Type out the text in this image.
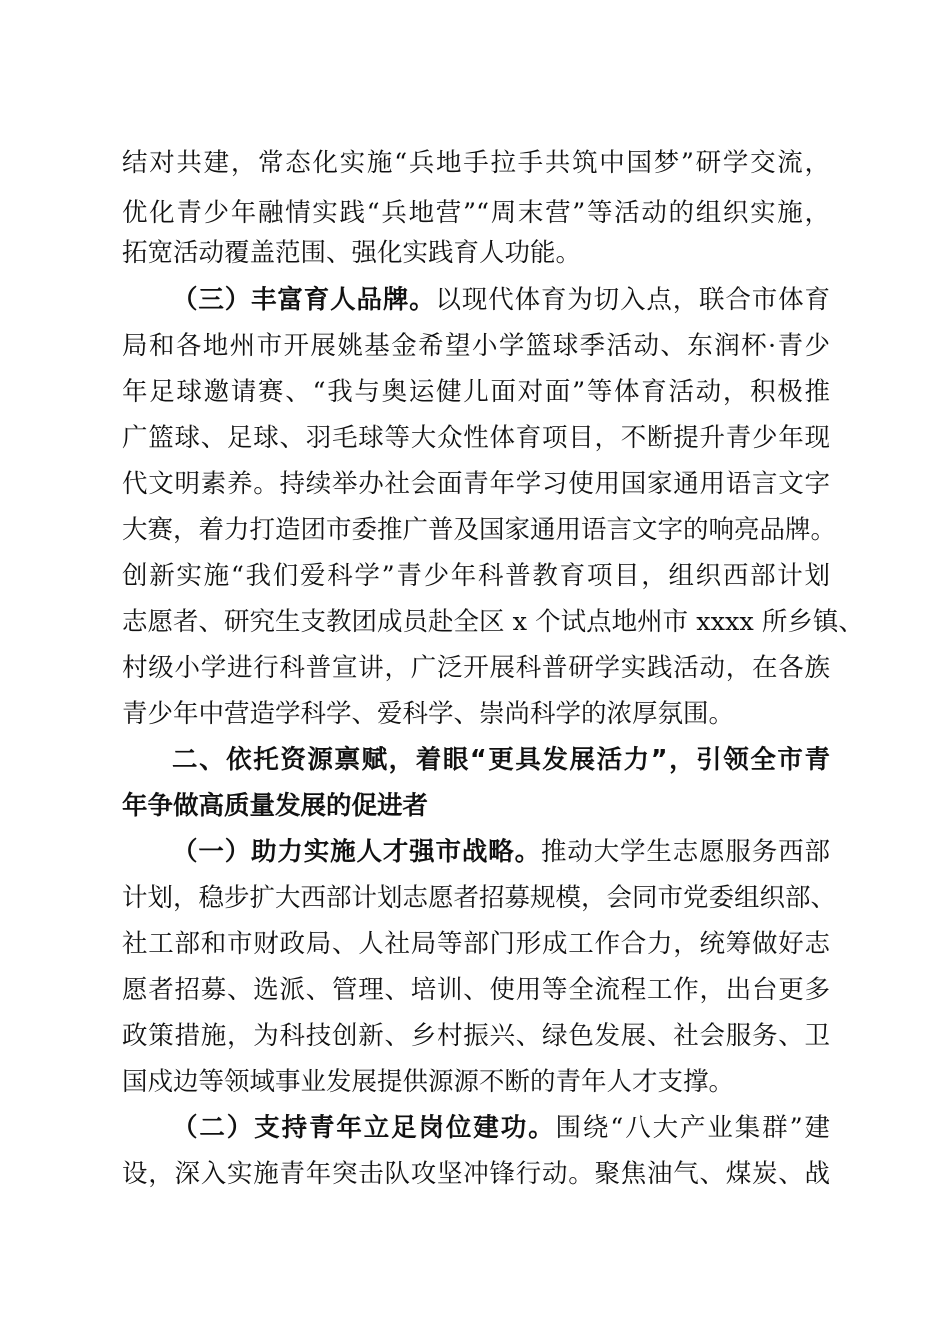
结对共建，常态化实施“兵地手拉手共筑中国梦”研学交流，
优化青少年融情实践“兵地营”“周末营”等活动的组织实施，
拓宽活动覆盖范围、强化实践育人功能。
（三）丰富育人品牌。以现代体育为切入点，联合市体育
局和各地州市开展姚基金希望小学篮球季活动、东润杯·青少
年足球邀请赛、“我与奥运健儿面对面”等体育活动，积极推
广篮球、足球、羽毛球等大众性体育项目，不断提升青少年现
代文明素养。持续举办社会面青年学习使用国家通用语言文字
大赛，着力打造团市委推广普及国家通用语言文字的响亮品牌。
创新实施“我们爱科学”青少年科普教育项目，组织西部计划
志愿者、研究生支教团成员赴全区 x 个试点地州市 xxxx 所乡镇、
村级小学进行科普宣讲，广泛开展科普研学实践活动，在各族
青少年中营造学科学、爱科学、崇尚科学的浓厚氛围。
二、依托资源禀赋，着眼“更具发展活力”，引领全市青
年争做高质量发展的促进者
（一）助力实施人才强市战略。推动大学生志愿服务西部
计划，稳步扩大西部计划志愿者招募规模，会同市党委组织部、
社工部和市财政局、人社局等部门形成工作合力，统筹做好志
愿者招募、选派、管理、培训、使用等全流程工作，出台更多
政策措施，为科技创新、乡村振兴、绿色发展、社会服务、卫
国戍边等领域事业发展提供源源不断的青年人才支撑。
（二）支持青年立足岗位建功。围绕“八大产业集群”建
设，深入实施青年突击队攻坚冲锋行动。聚焦油气、煤炭、战
